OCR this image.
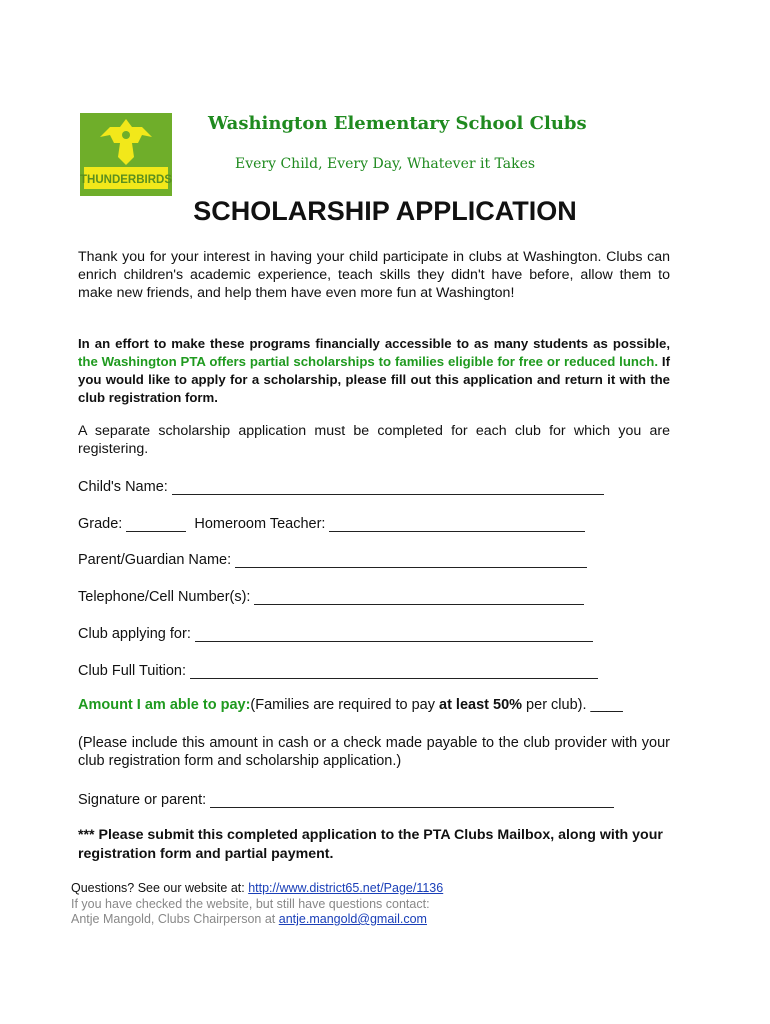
THUNDERBIRDS
Washington Elementary School Clubs
Every Child, Every Day, Whatever it Takes
SCHOLARSHIP APPLICATION
Thank you for your interest in having your child participate in clubs at Washington. Clubs can enrich children's academic experience, teach skills they didn't have before, allow them to make new friends, and help them have even more fun at Washington!
In an effort to make these programs financially accessible to as many students as possible, the Washington PTA offers partial scholarships to families eligible for free or reduced lunch. If you would like to apply for a scholarship, please fill out this application and return it with the club registration form.
A separate scholarship application must be completed for each club for which you are registering.
Child's Name:
Grade:	Homeroom Teacher:
Parent/Guardian Name:
Telephone/Cell Number(s):
Club applying for:
Club Full Tuition:
Amount I am able to pay:(Families are required to pay at least 50% per club). ____
(Please include this amount in cash or a check made payable to the club provider with your club registration form and scholarship application.)
Signature or parent:
*** Please submit this completed application to the PTA Clubs Mailbox, along with your registration form and partial payment.
Questions? See our website at: http://www.district65.net/Page/1136
If you have checked the website, but still have questions contact:
Antje Mangold, Clubs Chairperson at antje.mangold@gmail.com
